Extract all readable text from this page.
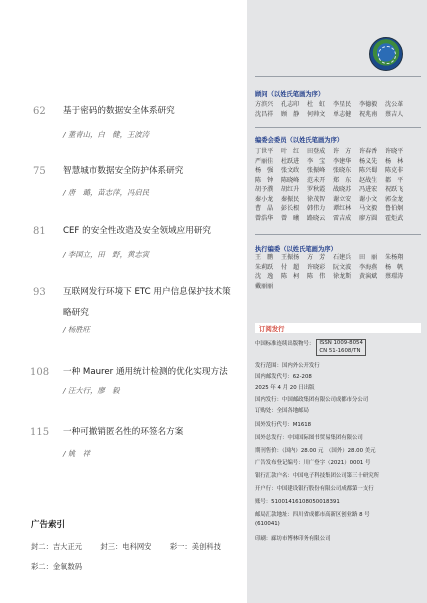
62 基于密码的数据安全体系研究
/ 董青山，白　健，王波涛
75 智慧城市数据安全防护体系研究
/ 唐　璐，苗志萍，冯启民
81 CEF 的安全性改造及安全领域应用研究
/ 李国立，田　野，黄志寅
93 互联网发行环境下 ETC 用户信息保护技术策略研究
/ 杨胜旺
108 一种 Maurer 通用统计检测的优化实现方法
/ 汪大行，廖　毅
115 一种可撤销匿名性的环签名方案
/ 姚　祥
广告索引
封二：吉大正元	封三：电科网安	彩一：美创科技
彩二：金氧数码
顾问（以姓氏笔画为序）
方滨兴	孔志印	杜　虹	李星民	李德毅	沈公革
沈昌祥	顾　静	何帅文	单志健	祝兆南	蔡吉人
编委会委员（以姓氏笔画为序）
丁世平	叶　红	田登成	许　方	许春香	许晓平
严丽佳	杜跃进	李　宝	李建华	杨义先	杨　林
杨　强	张文政	张振峰	张晓东	陈兴蜀	陈克非
陈　钟	陈晓峰	范未开	郑　东	赵战生	都　平
胡予濮	胡红升	罗秋霞	战晓苏	冯进宏	祝跃飞
秦小龙	秦振民	徐茂智	谢立安	谢小文	郭金龙
曹　晶	彭长根	韩伟力	谭红林	马文毅	鲁伯炯
曾浩华	曾　曦	路晓云	雷吉成	廖方圆	霍炬武
执行编委（以姓氏笔画为序）
王　鹏	王振扬	方　芳	石建兵	田　丽	朱杨翔
朱莉跃	付　超	许晓彩	阮文波	李海燕	杨　帆
沈　逸	陈　柯	陈　伟	徐龙斯	黄演斌	蔡璟涛
戴丽丽
订阅发行
中国标准连续出版物号： ISSN 1009-8054
CN 51-1608/TN
发行范围：国内外公开发行
国内邮发代号：62-208
2025 年 4 月 20 日出版
国内发行：中国邮政集团有限公司成都市分公司
订购处：全国各地邮局
国外发行代号：M1618
国外总发行：中国国际图书贸易集团有限公司
期刊售价：（国内）28.00 元　（国外）28.00 美元
广告发布登记编号：川广登字（2021）0001 号
银行汇款户名：中国电子科技集团公司第三十研究所
开户行：中国建设银行股份有限公司成都第一支行
账号：51001416108050018391
邮局汇款地址：四川省成都市高新区创业路 8 号
(610041)
印刷：廊坊市博林印务有限公司
